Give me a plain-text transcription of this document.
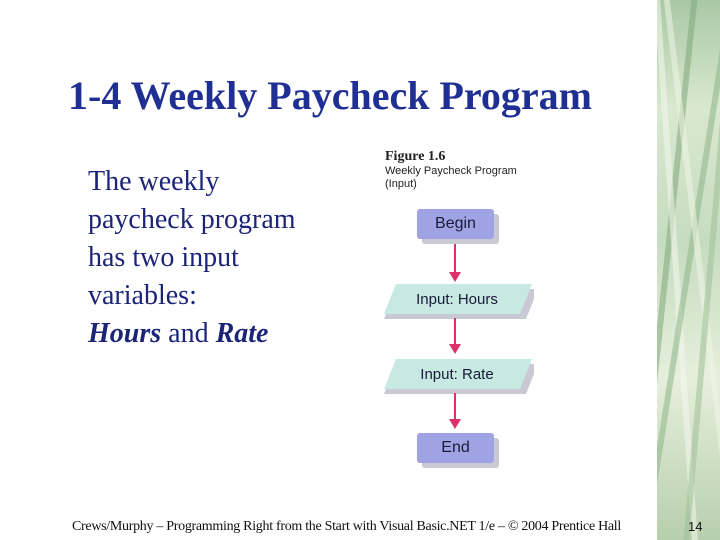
1-4 Weekly Paycheck Program
The weekly
paycheck program
has two input
variables:
Hours and Rate
Figure 1.6
Weekly Paycheck Program
(Input)
Begin
Input: Hours
Input: Rate
End
Crews/Murphy – Programming Right from the Start with Visual Basic.NET 1/e – © 2004 Prentice Hall	14
